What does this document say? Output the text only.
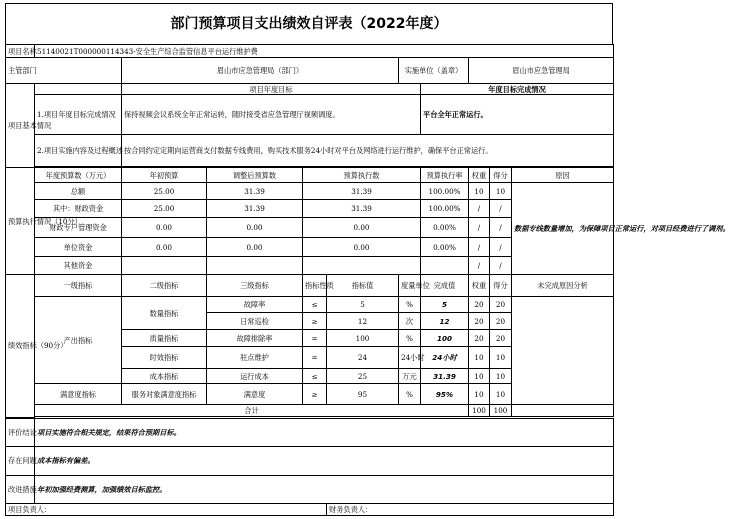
部门预算项目支出绩效自评表（2022年度）
项目名称	51140021T000000114343-安全生产综合监管信息平台运行维护费									
主管部门		眉山市应急管理局（部门）				实施单位（盖章）		眉山市应急管理局		
项目基本情况		项目年度目标					年度目标完成情况			
	1.项目年度目标完成情况	保持视频会议系统全年正常运转，随时接受省应急管理厅视频调度。					平台全年正常运行。			
	2.项目实施内容及过程概述	按合同约定定期向运营商支付数据专线费用，购买技术服务24小时对平台及网络进行运行维护，确保平台正常运行。								

预算执行情况（10分）	年度预算数（万元）	年初预算	调整后预算数	预算执行数			预算执行率	权重	得分	原因
	总额	25.00	31.39	31.39			100.00%	10	10	数据专线数量增加，为保障项目正常运行，对项目经费进行了调剂。
	其中：财政资金	25.00	31.39	31.39			100.00%	/	/	
	财政专户管理资金	0.00	0.00	0.00			0.00%	/	/	
	单位资金	0.00	0.00	0.00			0.00%	/	/	
	其他资金							/	/	
绩效指标（90分）	一级指标	二级指标	三级指标	指标性质	指标值	度量单位	完成值	权重	得分	未完成原因分析
	产出指标	数量指标	故障率	≤	5	%	5	20	20	
			日常巡检	≥	12	次	12	20	20	
		质量指标	故障排除率	=	100	%	100	20	20	
		时效指标	驻点维护	=	24	24小时	24小时	10	10	
		成本指标	运行成本	≤	25	万元	31.39	10	10	
	满意度指标	服务对象满意度指标	满意度	≥	95	%	95%	10	10	
	合计							100	100	

评价结论	项目实施符合相关规定，结果符合预期目标。									
存在问题	成本指标有偏差。									
改进措施	年初加强经费测算，加强绩效目标监控。									
项目负责人：					财务负责人：					
